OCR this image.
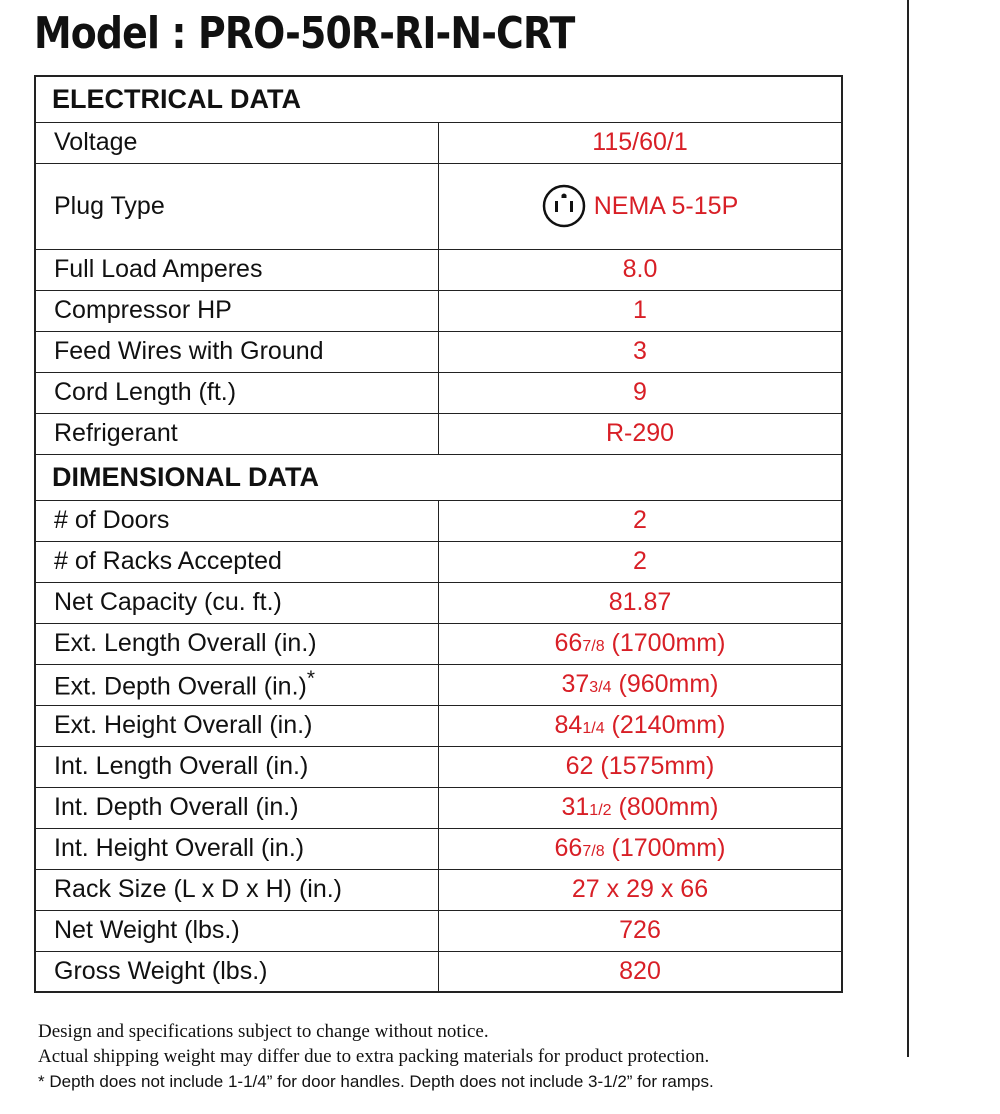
Model : PRO-50R-RI-N-CRT
ELECTRICAL DATA	
Voltage	115/60/1
Plug Type	NEMA 5-15P

Full Load Amperes	8.0
Compressor HP	1
Feed Wires with Ground	3
Cord Length (ft.)	9
Refrigerant	R-290
DIMENSIONAL DATA	
# of Doors	2
# of Racks Accepted	2
Net Capacity (cu. ft.)	81.87
Ext. Length Overall (in.)	667/8 (1700mm)
Ext. Depth Overall (in.)*	373/4 (960mm)
Ext. Height Overall (in.)	841/4 (2140mm)
Int. Length Overall (in.)	62 (1575mm)
Int. Depth Overall (in.)	311/2 (800mm)
Int. Height Overall (in.)	667/8 (1700mm)
Rack Size (L x D x H) (in.)	27 x 29 x 66
Net Weight (lbs.)	726
Gross Weight (lbs.)	820
Design and specifications subject to change without notice.
Actual shipping weight may differ due to extra packing materials for product protection.
* Depth does not include 1-1/4” for door handles. Depth does not include 3-1/2” for ramps.
